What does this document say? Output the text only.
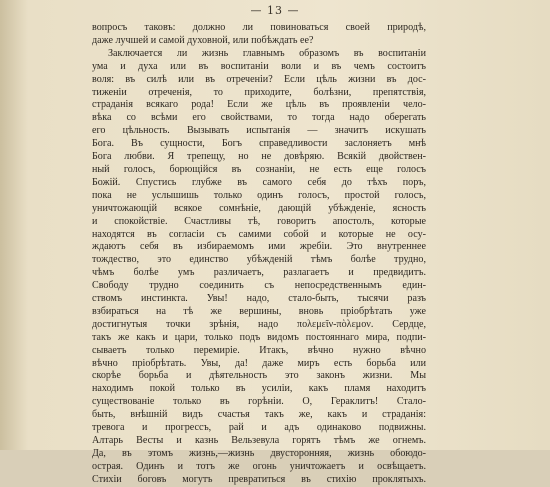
— 13 —
вопросъ таковъ: должно ли повиноваться своей природѣ,
даже лучшей и самой духовной, или побѣждать ее?
Заключается ли жизнь главнымъ образомъ въ воспитаніи
ума и духа или въ воспитаніи воли и въ чемъ состоитъ
воля: въ силѣ или въ отреченіи? Если цѣль жизни въ дос-
тиженіи отреченія, то приходите, болѣзни, препятствія,
страданія всякаго рода! Если же цѣль въ проявленіи чело-
вѣка со всѣми его свойствами, то тогда надо оберегать
его цѣльность. Вызывать испытанія — значитъ искушать
Бога. Въ сущности, Богъ справедливости заслоняетъ мнѣ
Бога любви. Я трепещу, но не довѣряю. Всякій двойствен-
ный голосъ, борющійся въ сознаніи, не есть еще голосъ
Божій. Спустись глубже въ самого себя до тѣхъ поръ,
пока не услышишь только одинъ голосъ, простой голосъ,
уничтожающій всякое сомнѣніе, дающій убѣжденіе, ясность
и спокойствіе. Счастливы тѣ, говоритъ апостолъ, которые
находятся въ согласіи съ самими собой и которые не осу-
ждаютъ себя въ избираемомъ ими жребіи. Это внутреннее
тождество, это единство убѣжденій тѣмъ болѣе трудно,
чѣмъ болѣе умъ различаетъ, разлагаетъ и предвидитъ.
Свободу трудно соединить съ непосредственнымъ един-
ствомъ инстинкта. Увы! надо, стало-быть, тысячи разъ
взбираться на тѣ же вершины, вновь пріобрѣтать уже
достигнутыя точки зрѣнія, надо πολεμεῖν-πὸλεμον. Сердце,
такъ же какъ и цари, только подъ видомъ постояннаго мира, подпи-
сываетъ только перемиріе. Итакъ, вѣчно нужно вѣчно
вѣчно пріобрѣтать. Увы, да! даже миръ есть борьба или
скорѣе борьба и дѣятельность это законъ жизни. Мы
находимъ покой только въ усиліи, какъ пламя находитъ
существованіе только въ горѣніи. О, Гераклитъ! Стало-
быть, внѣшній видъ счастья такъ же, какъ и страданія:
тревога и прогрессъ, рай и адъ одинаково подвижны.
Алтарь Весты и казнь Вельзевула горятъ тѣмъ же огнемъ.
Да, въ этомъ жизнь,—жизнь двусторонняя, жизнь обоюдо-
острая. Одинъ и тотъ же огонь уничтожаетъ и освѣщаетъ.
Стихіи боговъ могутъ превратиться въ стихію проклятыхъ.
